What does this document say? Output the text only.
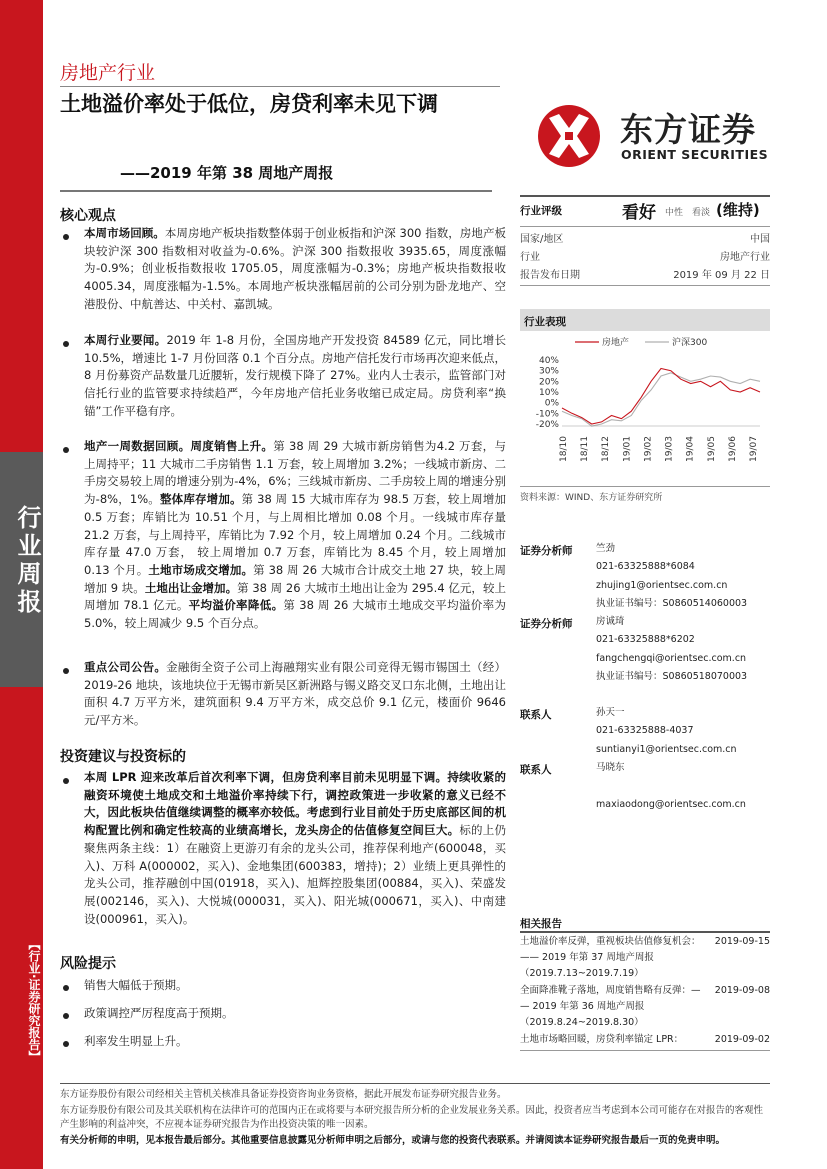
行业周报
【行业·证券研究报告】
房地产行业
土地溢价率处于低位，房贷利率未见下调
——2019 年第 38 周地产周报
东方证券
ORIENT SECURITIES
核心观点
本周市场回顾。本周房地产板块指数整体弱于创业板指和沪深 300 指数，房地产板块较沪深 300 指数相对收益为-0.6%。沪深 300 指数报收 3935.65，周度涨幅为-0.9%；创业板指数报收 1705.05，周度涨幅为-0.3%；房地产板块指数报收 4005.34，周度涨幅为-1.5%。本周地产板块涨幅居前的公司分别为卧龙地产、空港股份、中航善达、中关村、嘉凯城。
本周行业要闻。2019 年 1-8 月份，全国房地产开发投资 84589 亿元，同比增长 10.5%，增速比 1-7 月份回落 0.1 个百分点。房地产信托发行市场再次迎来低点，8 月份募资产品数量几近腰斩，发行规模下降了 27%。业内人士表示，监管部门对信托行业的监管要求持续趋严，今年房地产信托业务收缩已成定局。房贷利率“换锚”工作平稳有序。
地产一周数据回顾。周度销售上升。第 38 周 29 大城市新房销售为4.2 万套，与上周持平；11 大城市二手房销售 1.1 万套，较上周增加 3.2%；一线城市新房、二手房交易较上周的增速分别为-4%，6%；三线城市新房、二手房较上周的增速分别为-8%，1%。整体库存增加。第 38 周 15 大城市库存为 98.5 万套，较上周增加 0.5 万套；库销比为 10.51 个月，与上周相比增加 0.08 个月。一线城市库存量 21.2 万套，与上周持平，库销比为 7.92 个月，较上周增加 0.24 个月。二线城市库存量 47.0 万套， 较上周增加 0.7 万套，库销比为 8.45 个月，较上周增加 0.13 个月。土地市场成交增加。第 38 周 26 大城市合计成交土地 27 块，较上周增加 9 块。土地出让金增加。第 38 周 26 大城市土地出让金为 295.4 亿元，较上周增加 78.1 亿元。平均溢价率降低。第 38 周 26 大城市土地成交平均溢价率为 5.0%，较上周减少 9.5 个百分点。
重点公司公告。金融街全资子公司上海融翔实业有限公司竞得无锡市锡国土（经）2019-26 地块，该地块位于无锡市新吴区新洲路与锡义路交叉口东北侧，土地出让面积 4.7 万平方米，建筑面积 9.4 万平方米，成交总价 9.1 亿元，楼面价 9646 元/平方米。
投资建议与投资标的
本周 LPR 迎来改革后首次利率下调，但房贷利率目前未见明显下调。持续收紧的融资环境使土地成交和土地溢价率持续下行，调控政策进一步收紧的意义已经不大，因此板块估值继续调整的概率亦较低。考虑到行业目前处于历史底部区间的机构配置比例和确定性较高的业绩高增长，龙头房企的估值修复空间巨大。标的上仍聚焦两条主线：1）在融资上更游刃有余的龙头公司，推荐保利地产(600048，买入)、万科 A(000002，买入)、金地集团(600383，增持)；2）业绩上更具弹性的龙头公司，推荐融创中国(01918，买入)、旭辉控股集团(00884，买入)、荣盛发展(002146，买入)、大悦城(000031，买入)、阳光城(000671，买入)、中南建设(000961，买入)。
风险提示
销售大幅低于预期。
政策调控严厉程度高于预期。
利率发生明显上升。
行业评级	看好 中性 看淡 (维持)
国家/地区	中国
行业	房地产行业
报告发布日期	2019 年 09 月 22 日
行业表现
40%
30%
20%
10%
0%
-10%
-20%
房地产	沪深300
18/10 18/11 18/12 19/01 19/02 19/03 19/04 19/05 19/06 19/07
资料来源：WIND、东方证券研究所
证券分析师 竺劲
021-63325888*6084
zhujing1@orientsec.com.cn
执业证书编号：S0860514060003
证券分析师 房诚琦
021-63325888*6202
fangchengqi@orientsec.com.cn
执业证书编号：S0860518070003
联系人	孙天一
021-63325888-4037
suntianyi1@orientsec.com.cn
联系人	马晓东
maxiaodong@orientsec.com.cn
相关报告
土地溢价率反弹，重视板块估值修复机会：	2019-09-15
—— 2019 年第 37 周地产周报
（2019.7.13~2019.7.19）
全面降准靴子落地，周度销售略有反弹：—	2019-09-08
— 2019 年第 36 周地产周报
（2019.8.24~2019.8.30）
土地市场略回暖，房贷利率锚定 LPR：	2019-09-02
东方证券股份有限公司经相关主管机关核准具备证券投资咨询业务资格，据此开展发布证券研究报告业务。
东方证券股份有限公司及其关联机构在法律许可的范围内正在或将要与本研究报告所分析的企业发展业务关系。因此，投资者应当考虑到本公司可能存在对报告的客观性产生影响的利益冲突，不应视本证券研究报告为作出投资决策的唯一因素。
有关分析师的申明，见本报告最后部分。其他重要信息披露见分析师申明之后部分，或请与您的投资代表联系。并请阅读本证券研究报告最后一页的免责申明。
